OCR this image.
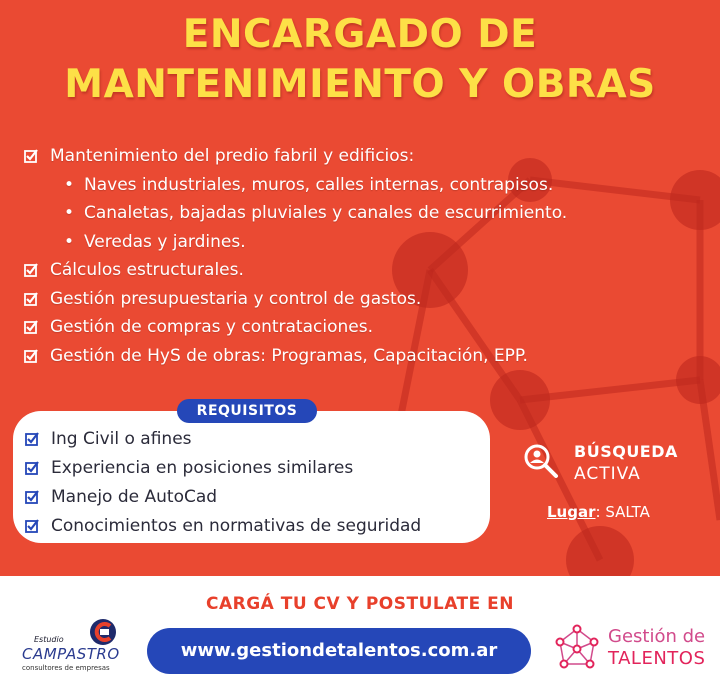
ENCARGADO DE
MANTENIMIENTO Y OBRAS
Mantenimiento del predio fabril y edificios:
• Naves industriales, muros, calles internas, contrapisos.
• Canaletas, bajadas pluviales y canales de escurrimiento.
• Veredas y jardines.
Cálculos estructurales.
Gestión presupuestaria y control de gastos.
Gestión de compras y contrataciones.
Gestión de HyS de obras: Programas, Capacitación, EPP.
REQUISITOS
Ing Civil o afines
Experiencia en posiciones similares
Manejo de AutoCad
Conocimientos en normativas de seguridad
BÚSQUEDA
ACTIVA
Lugar: SALTA
CARGÁ TU CV Y POSTULATE EN
www.gestiondetalentos.com.ar
Estudio
CAMPASTRO
consultores de empresas
Gestión de
TALENTOS
